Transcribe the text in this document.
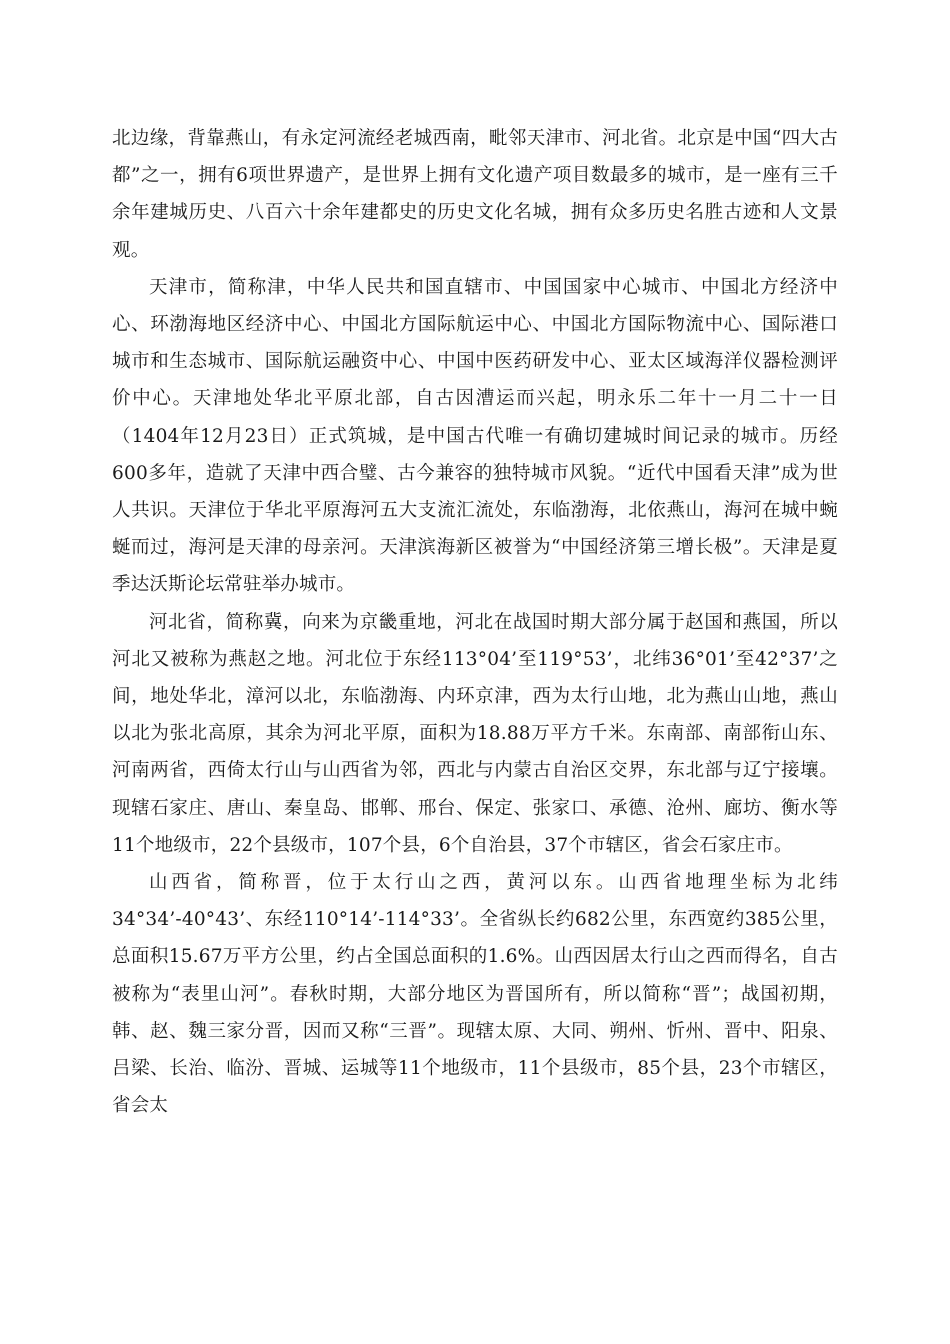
北边缘，背靠燕山，有永定河流经老城西南，毗邻天津市、河北省。北京是中国“四大古都”之一，拥有6项世界遗产，是世界上拥有文化遗产项目数最多的城市，是一座有三千余年建城历史、八百六十余年建都史的历史文化名城，拥有众多历史名胜古迹和人文景观。

天津市，简称津，中华人民共和国直辖市、中国国家中心城市、中国北方经济中心、环渤海地区经济中心、中国北方国际航运中心、中国北方国际物流中心、国际港口城市和生态城市、国际航运融资中心、中国中医药研发中心、亚太区域海洋仪器检测评价中心。天津地处华北平原北部，自古因漕运而兴起，明永乐二年十一月二十一日（1404年12月23日）正式筑城，是中国古代唯一有确切建城时间记录的城市。历经600多年，造就了天津中西合璧、古今兼容的独特城市风貌。“近代中国看天津”成为世人共识。天津位于华北平原海河五大支流汇流处，东临渤海，北依燕山，海河在城中蜿蜒而过，海河是天津的母亲河。天津滨海新区被誉为“中国经济第三增长极”。天津是夏季达沃斯论坛常驻举办城市。

河北省，简称冀，向来为京畿重地，河北在战国时期大部分属于赵国和燕国，所以河北又被称为燕赵之地。河北位于东经113°04’至119°53’，北纬36°01’至42°37’之间，地处华北，漳河以北，东临渤海、内环京津，西为太行山地，北为燕山山地，燕山以北为张北高原，其余为河北平原，面积为18.88万平方千米。东南部、南部衔山东、河南两省，西倚太行山与山西省为邻，西北与内蒙古自治区交界，东北部与辽宁接壤。现辖石家庄、唐山、秦皇岛、邯郸、邢台、保定、张家口、承德、沧州、廊坊、衡水等11个地级市，22个县级市，107个县，6个自治县，37个市辖区，省会石家庄市。

山西省，简称晋，位于太行山之西，黄河以东。山西省地理坐标为北纬34°34’-40°43’、东经110°14’-114°33’。全省纵长约682公里，东西宽约385公里，总面积15.67万平方公里，约占全国总面积的1.6%。山西因居太行山之西而得名，自古被称为“表里山河”。春秋时期，大部分地区为晋国所有，所以简称“晋”；战国初期，韩、赵、魏三家分晋，因而又称“三晋”。现辖太原、大同、朔州、忻州、晋中、阳泉、吕梁、长治、临汾、晋城、运城等11个地级市，11个县级市，85个县，23个市辖区，省会太
